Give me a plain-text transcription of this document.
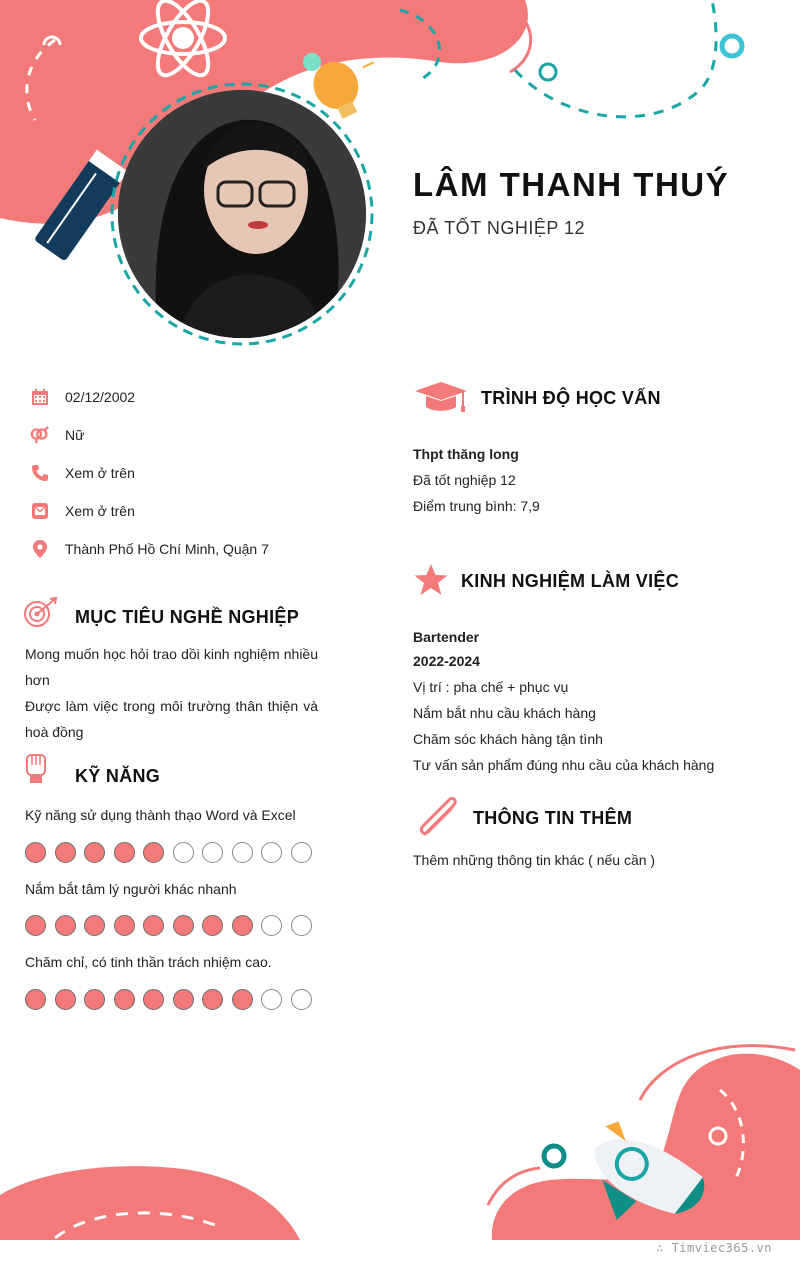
LÂM THANH THUÝ
ĐÃ TỐT NGHIỆP 12
02/12/2002
Nữ
Xem ở trên
Xem ở trên
Thành Phố Hồ Chí Minh, Quận 7
MỤC TIÊU NGHỀ NGHIỆP
Mong muốn học hỏi trao dồi kinh nghiệm nhiều hơn
Được làm việc trong môi trường thân thiện và hoà đồng
KỸ NĂNG
Kỹ năng sử dụng thành thạo Word và Excel
Nắm bắt tâm lý người khác nhanh
Chăm chỉ, có tinh thần trách nhiệm cao.
TRÌNH ĐỘ HỌC VẤN
Thpt thăng long
Đã tốt nghiệp 12
Điểm trung bình: 7,9
KINH NGHIỆM LÀM VIỆC
Bartender
2022-2024
Vị trí : pha chế + phục vụ
Nắm bắt nhu cầu khách hàng
Chăm sóc khách hàng tận tình
Tư vấn sản phẩm đúng nhu cầu của khách hàng
THÔNG TIN THÊM
Thêm những thông tin khác ( nếu cần )
∴ Timviec365.vn
